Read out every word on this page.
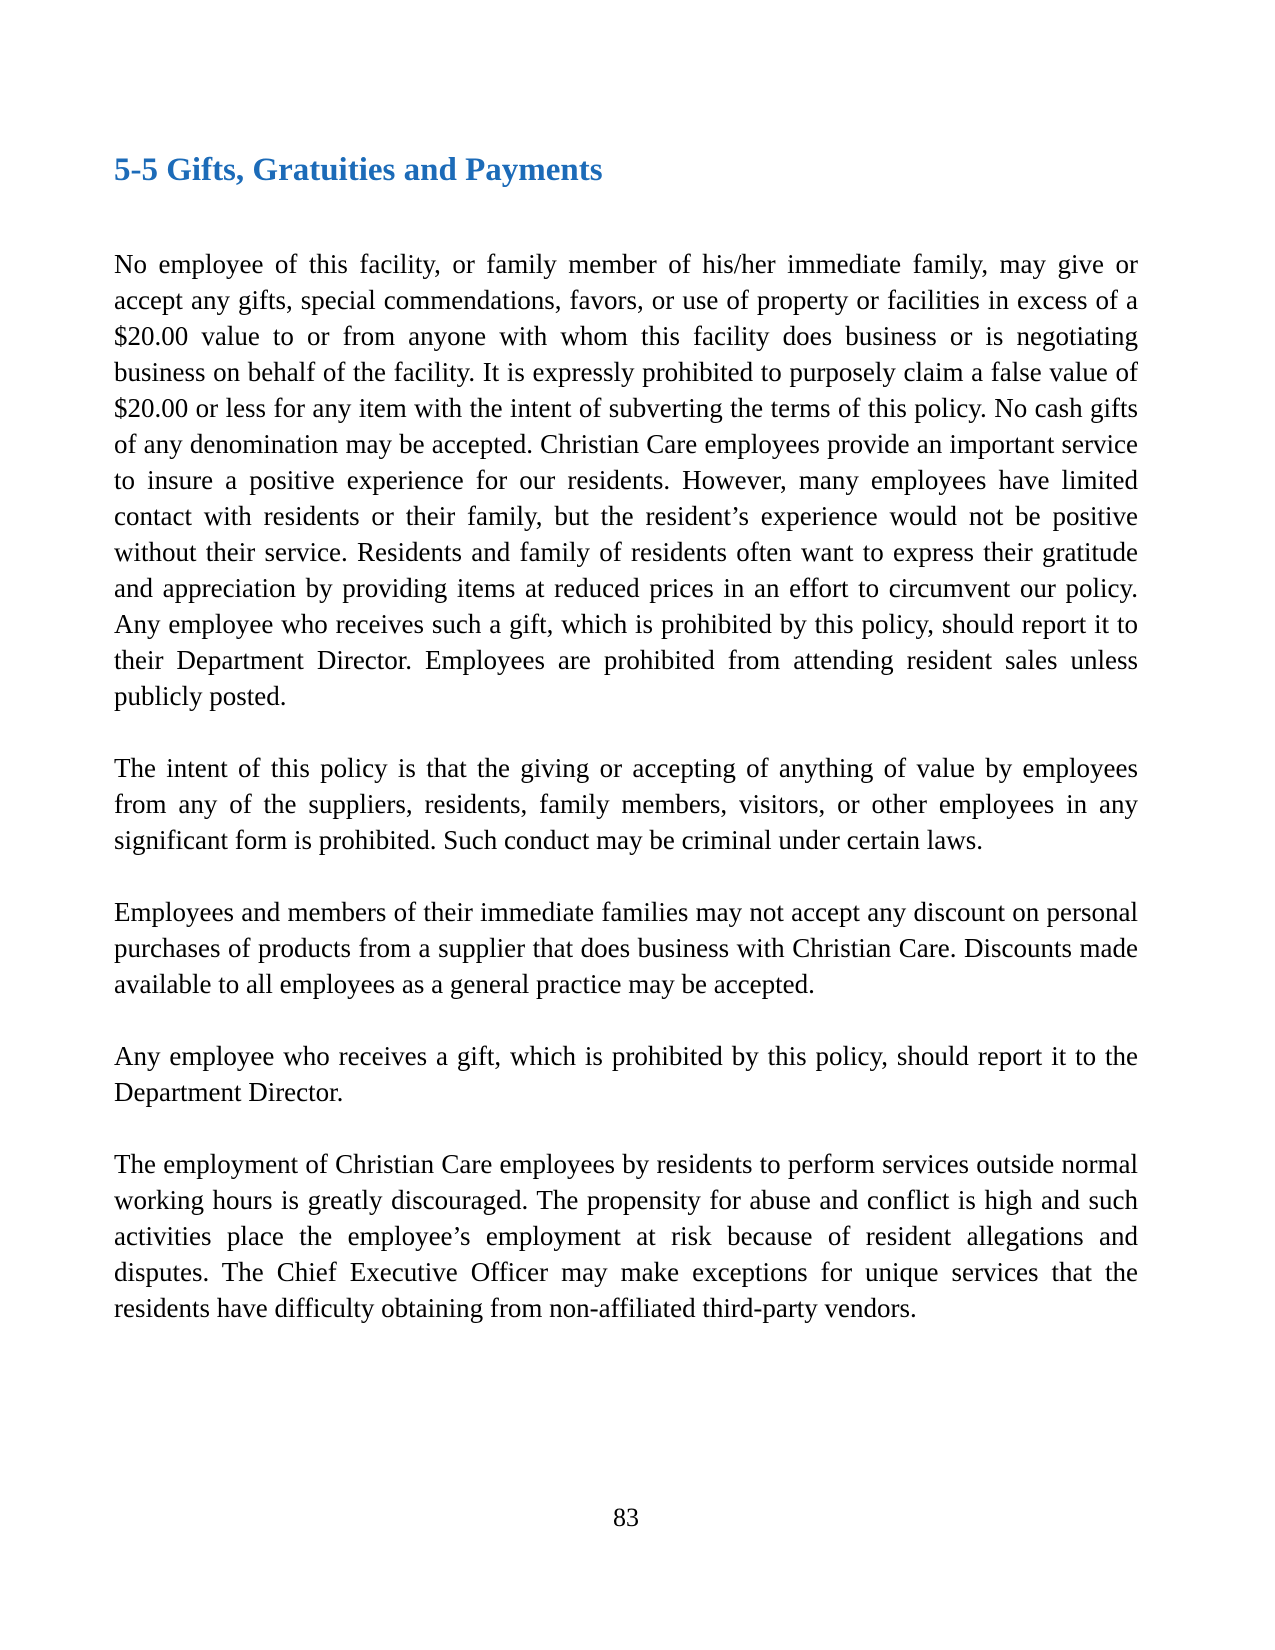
5-5 Gifts, Gratuities and Payments

No employee of this facility, or family member of his/her immediate family, may give or accept any gifts, special commendations, favors, or use of property or facilities in excess of a $20.00 value to or from anyone with whom this facility does business or is negotiating business on behalf of the facility. It is expressly prohibited to purposely claim a false value of $20.00 or less for any item with the intent of subverting the terms of this policy. No cash gifts of any denomination may be accepted. Christian Care employees provide an important service to insure a positive experience for our residents. However, many employees have limited contact with residents or their family, but the resident’s experience would not be positive without their service. Residents and family of residents often want to express their gratitude and appreciation by providing items at reduced prices in an effort to circumvent our policy. Any employee who receives such a gift, which is prohibited by this policy, should report it to their Department Director. Employees are prohibited from attending resident sales unless publicly posted.

The intent of this policy is that the giving or accepting of anything of value by employees from any of the suppliers, residents, family members, visitors, or other employees in any significant form is prohibited. Such conduct may be criminal under certain laws.

Employees and members of their immediate families may not accept any discount on personal purchases of products from a supplier that does business with Christian Care. Discounts made available to all employees as a general practice may be accepted.

Any employee who receives a gift, which is prohibited by this policy, should report it to the Department Director.

The employment of Christian Care employees by residents to perform services outside normal working hours is greatly discouraged. The propensity for abuse and conflict is high and such activities place the employee’s employment at risk because of resident allegations and disputes. The Chief Executive Officer may make exceptions for unique services that the residents have difficulty obtaining from non-affiliated third-party vendors.

83
